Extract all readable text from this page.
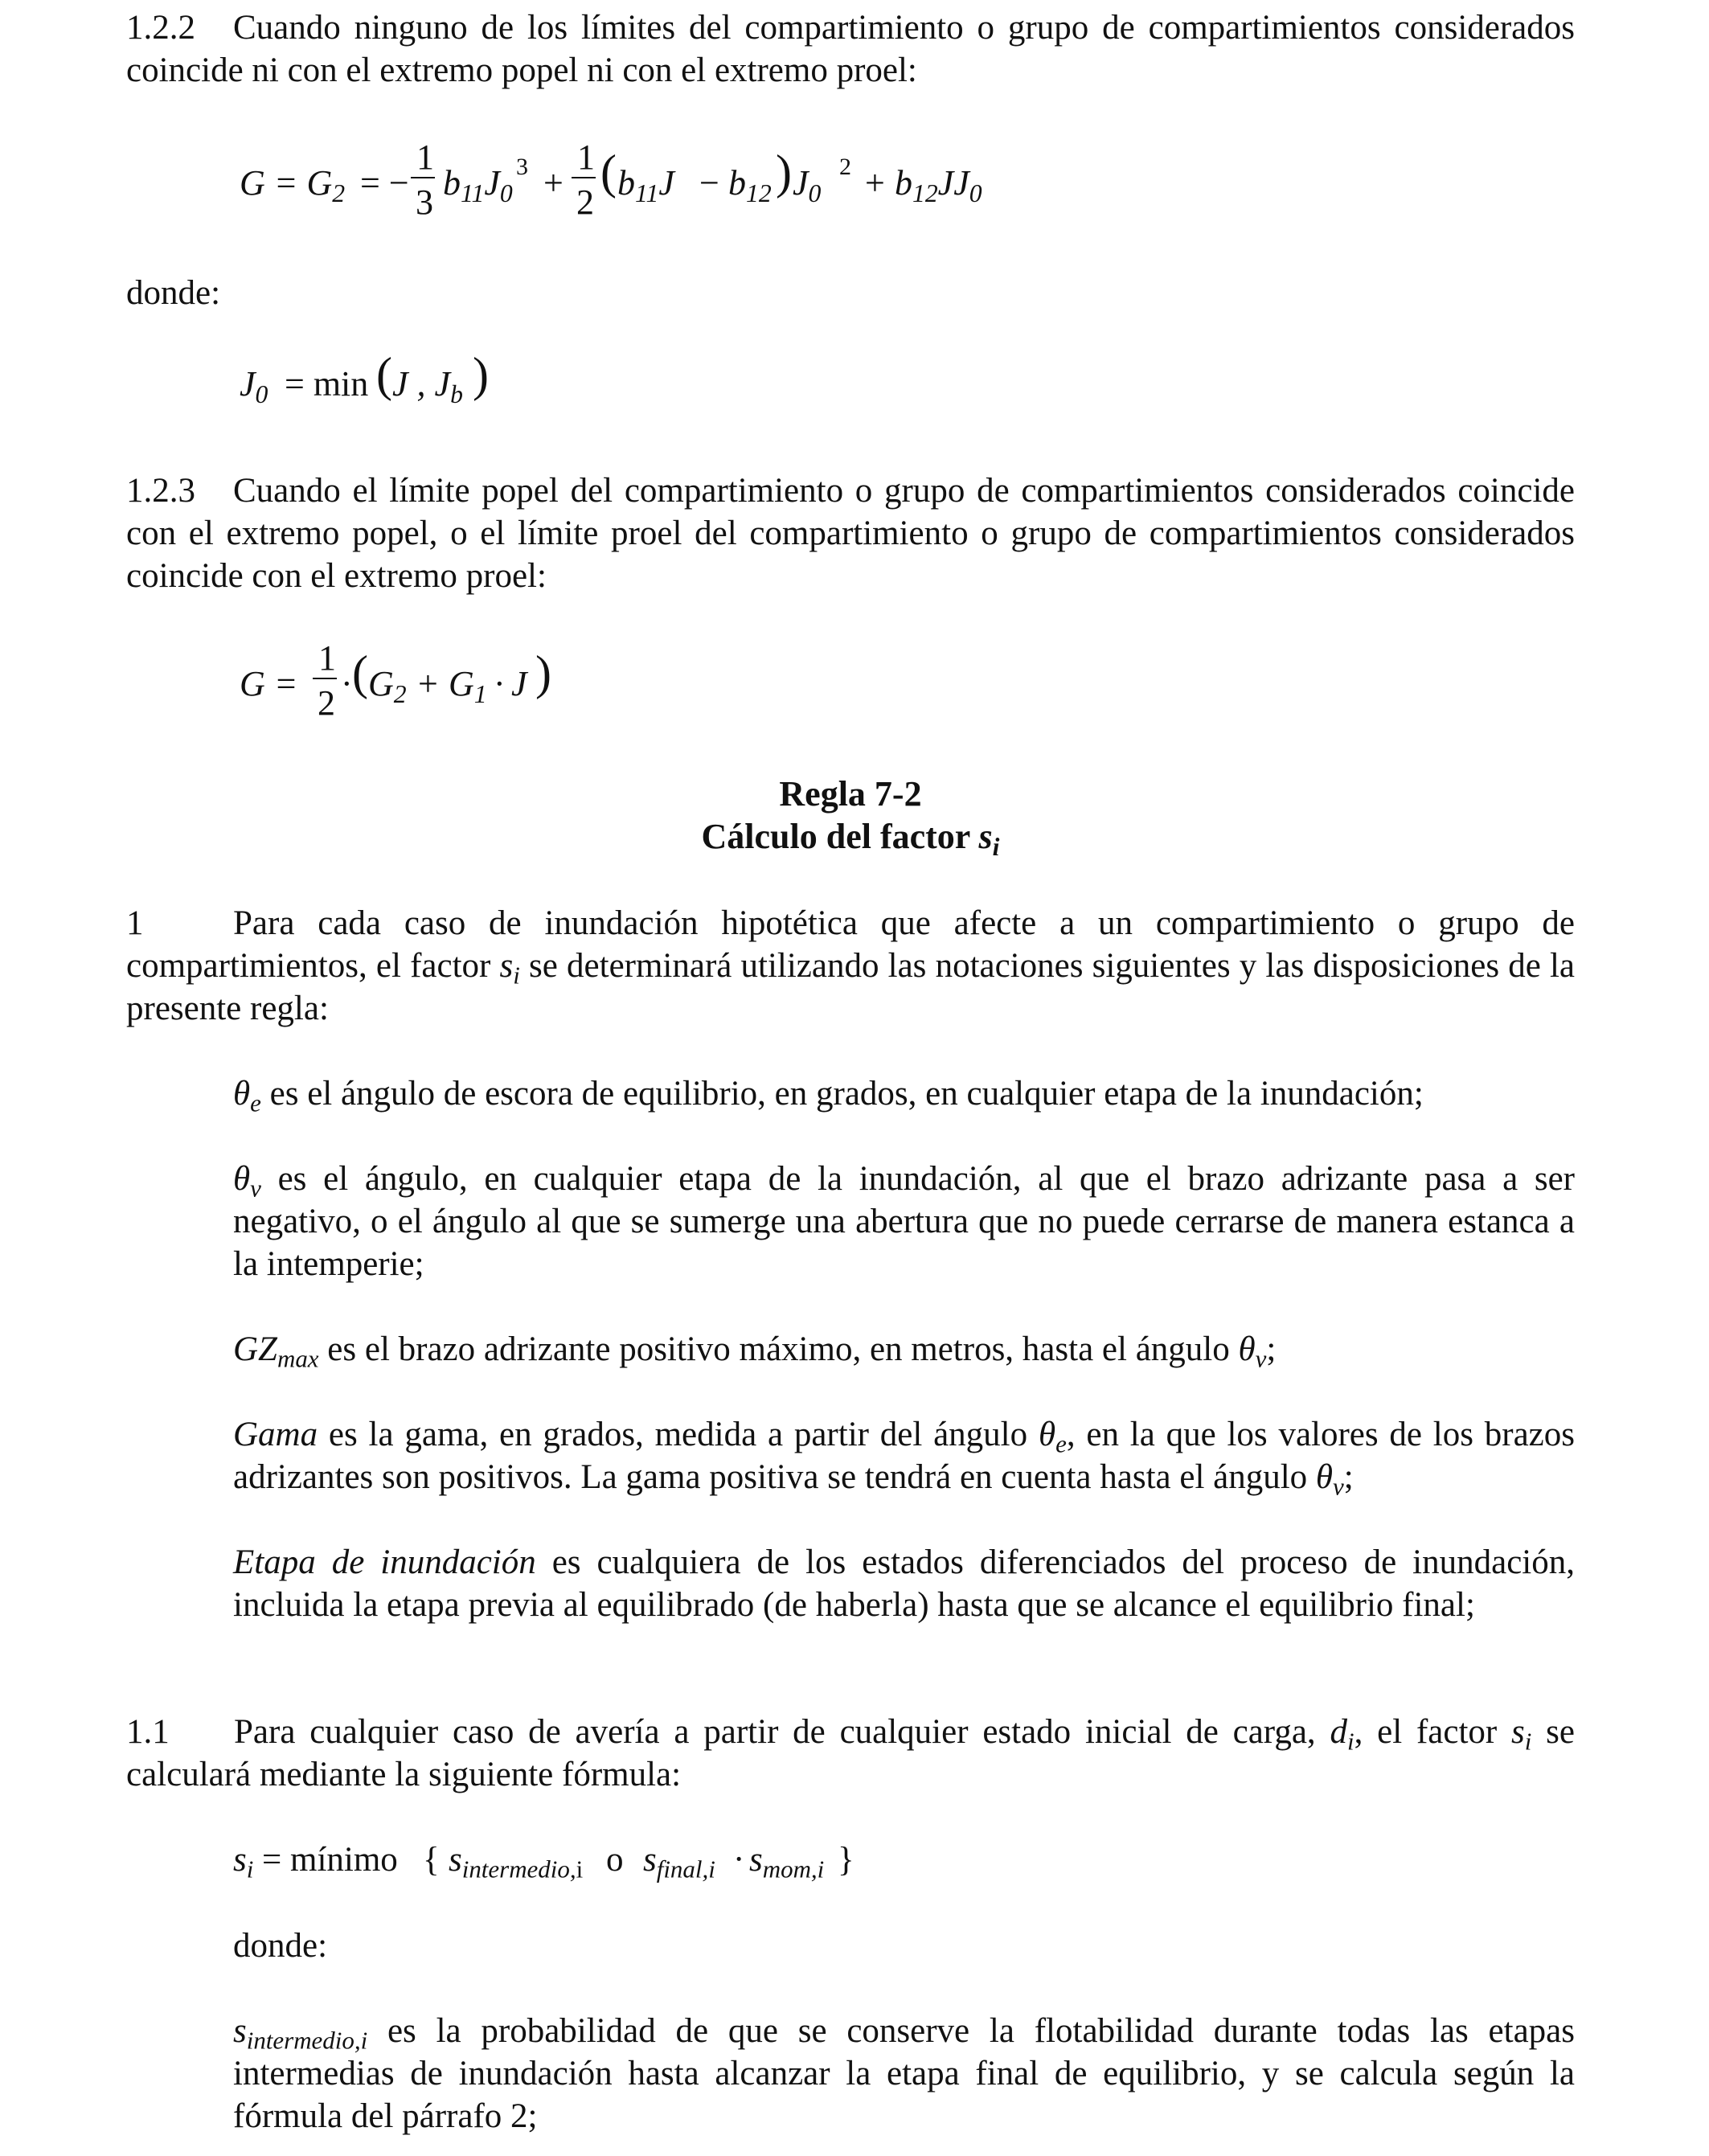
1.2.2 Cuando ninguno de los límites del compartimiento o grupo de compartimientos considerados coincide ni con el extremo popel ni con el extremo proel:

$G = G_2$ = −
1
3 $b_{11}J_0$
3 +
1
2
( $b_{11}J - b_{12}$ ) $J_0$
$2 + b_{12}JJ_0$

donde:

$J_0 = \min$ ( J , $J_b$ )

1.2.3 Cuando el límite popel del compartimiento o grupo de compartimientos considerados coincide con el extremo popel, o el límite proel del compartimiento o grupo de compartimientos considerados coincide con el extremo proel:

G =
1
2 · ( $G_2 + G_1 \cdot J$ )
Regla 7-2
Cálculo del factor $s_i$

1	Para cada caso de inundación hipotética que afecte a un compartimiento o grupo de compartimientos, el factor $s_i$ se determinará utilizando las notaciones siguientes y las disposiciones de la presente regla:

$\theta_e$ es el ángulo de escora de equilibrio, en grados, en cualquier etapa de la inundación;

$\theta_v$ es el ángulo, en cualquier etapa de la inundación, al que el brazo adrizante pasa a ser negativo, o el ángulo al que se sumerge una abertura que no puede cerrarse de manera estanca a la intemperie;

$GZ_{max}$ es el brazo adrizante positivo máximo, en metros, hasta el ángulo $\theta_v$;

Gama es la gama, en grados, medida a partir del ángulo $\theta_e$, en la que los valores de los brazos adrizantes son positivos. La gama positiva se tendrá en cuenta hasta el ángulo $\theta_v$;

Etapa de inundación es cualquiera de los estados diferenciados del proceso de inundación, incluida la etapa previa al equilibrado (de haberla) hasta que se alcance el equilibrio final;

1.1 Para cualquier caso de avería a partir de cualquier estado inicial de carga, $d_i$, el factor $s_i$ se calculará mediante la siguiente fórmula:

$s_i$ = mínimo { $s_{intermedio,i}$ o $s_{final,i} \cdot s_{mom,i}$ }

donde:

$s_{intermedio,i}$ es la probabilidad de que se conserve la flotabilidad durante todas las etapas intermedias de inundación hasta alcanzar la etapa final de equilibrio, y se calcula según la fórmula del párrafo 2;
